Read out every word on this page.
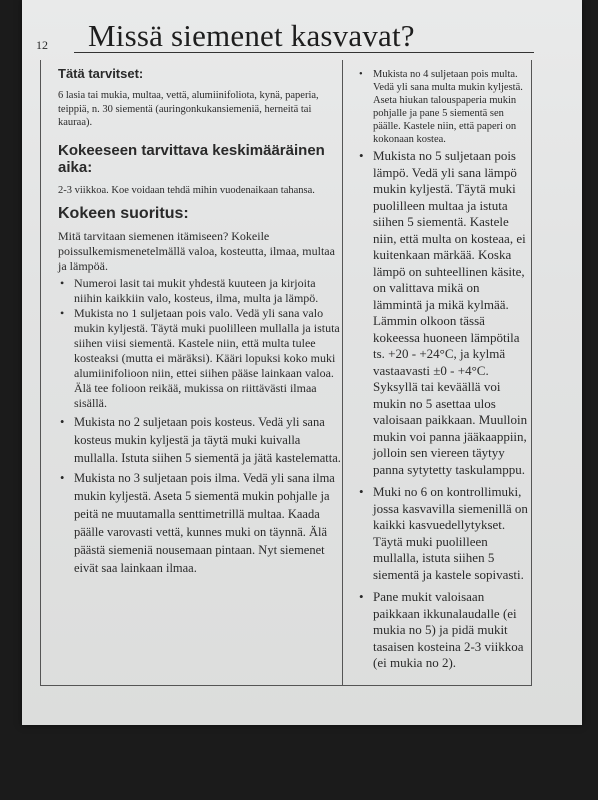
12 Missä siemenet kasvavat?
Tätä tarvitset:

6 lasia tai mukia, multaa, vettä, alumiinifoliota, kynä, paperia, teippiä, n. 30 siementä (auringonkukansiemeniä, herneitä tai kauraa).

Kokeeseen tarvittava keskimääräinen aika:

2-3 viikkoa. Koe voidaan tehdä mihin vuodenaikaan tahansa.

Kokeen suoritus:

Mitä tarvitaan siemenen itämiseen? Kokeile poissulkemismenetelmällä valoa, kosteutta, ilmaa, multaa ja lämpöä.

• Numeroi lasit tai mukit yhdestä kuuteen ja kirjoita niihin kaikkiin valo, kosteus, ilma, multa ja lämpö.
• Mukista no 1 suljetaan pois valo. Vedä yli sana valo mukin kyljestä. Täytä muki puolilleen mullalla ja istuta siihen viisi siementä. Kastele niin, että multa tulee kosteaksi (mutta ei märäksi). Kääri lopuksi koko muki alumiinifolioon niin, ettei siihen pääse lainkaan valoa. Älä tee folioon reikää, mukissa on riittävästi ilmaa sisällä.
• Mukista no 2 suljetaan pois kosteus. Vedä yli sana kosteus mukin kyljestä ja täytä muki kuivalla mullalla. Istuta siihen 5 siementä ja jätä kastelematta.
• Mukista no 3 suljetaan pois ilma. Vedä yli sana ilma mukin kyljestä. Aseta 5 siementä mukin pohjalle ja peitä ne muutamalla senttimetrillä multaa. Kaada päälle varovasti vettä, kunnes muki on täynnä. Älä päästä siemeniä nousemaan pintaan. Nyt siemenet eivät saa lainkaan ilmaa.
• Mukista no 4 suljetaan pois multa. Vedä yli sana multa mukin kyljestä. Aseta hiukan talouspaperia mukin pohjalle ja pane 5 siementä sen päälle. Kastele niin, että paperi on kokonaan kostea.
• Mukista no 5 suljetaan pois lämpö. Vedä yli sana lämpö mukin kyljestä. Täytä muki puolilleen multaa ja istuta siihen 5 siementä. Kastele niin, että multa on kosteaa, ei kuitenkaan märkää. Koska lämpö on suhteellinen käsite, on valittava mikä on lämmintä ja mikä kylmää. Lämmin olkoon tässä kokeessa huoneen lämpötila ts. +20 - +24°C, ja kylmä vastaavasti ±0 - +4°C. Syksyllä tai keväällä voi mukin no 5 asettaa ulos valoisaan paikkaan. Muulloin mukin voi panna jääkaappiin, jolloin sen viereen täytyy panna sytytetty taskulamppu.
• Muki no 6 on kontrollimuki, jossa kasvavilla siemenillä on kaikki kasvuedellytykset. Täytä muki puolilleen mullalla, istuta siihen 5 siementä ja kastele sopivasti.
• Pane mukit valoisaan paikkaan ikkunalaudalle (ei mukia no 5) ja pidä mukit tasaisen kosteina 2-3 viikkoa (ei mukia no 2).
